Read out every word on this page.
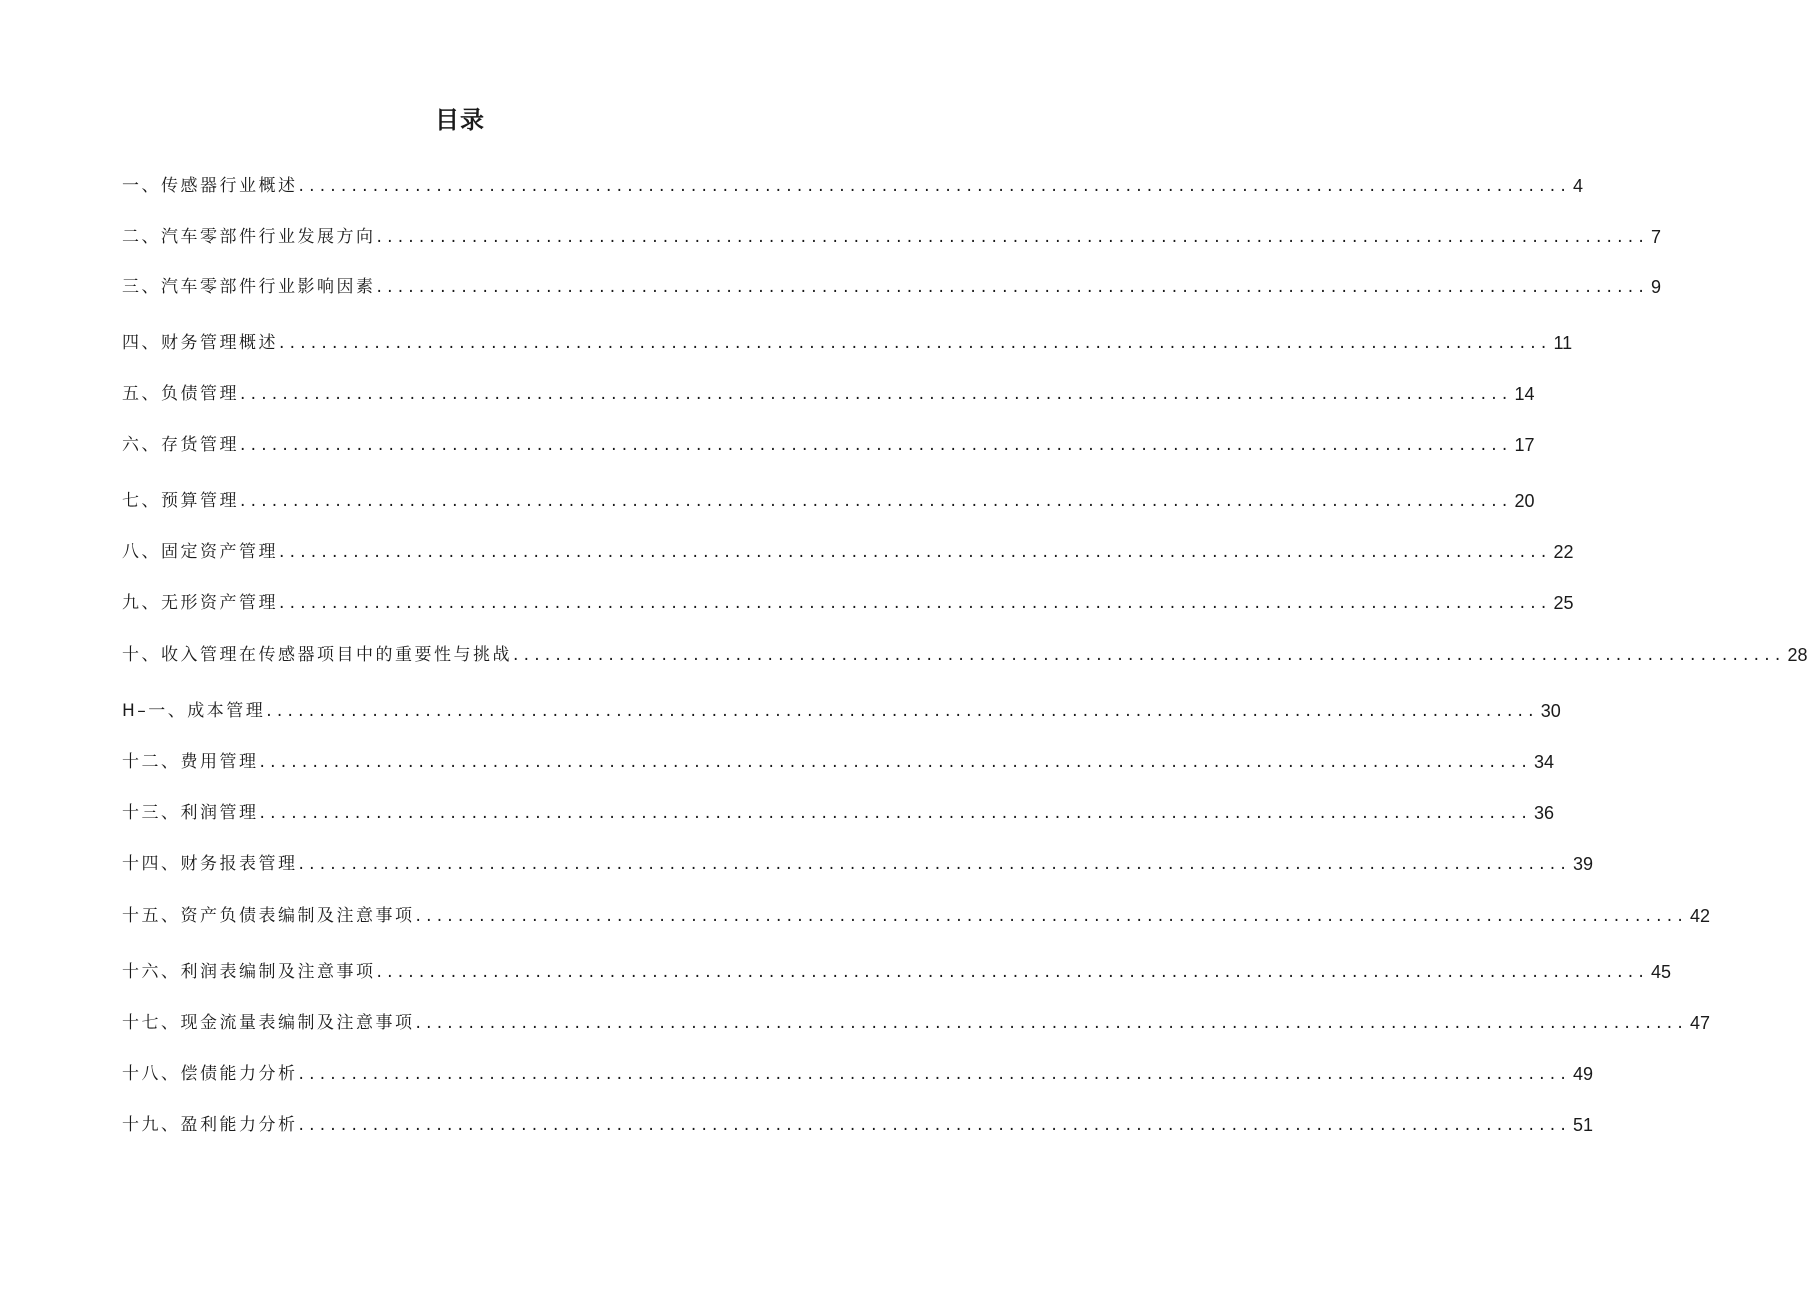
目录
一、传感器行业概述 ........................................................................................................................ 4
二、汽车零部件行业发展方向 ........................................................................................................................ 7
三、汽车零部件行业影响因素 ........................................................................................................................ 9
四、财务管理概述 ........................................................................................................................ 11
五、负债管理 ........................................................................................................................ 14
六、存货管理 ........................................................................................................................ 17
七、预算管理 ........................................................................................................................ 20
八、固定资产管理 ........................................................................................................................ 22
九、无形资产管理 ........................................................................................................................ 25
十、收入管理在传感器项目中的重要性与挑战 ........................................................................................................................ 28
H–一、成本管理 ........................................................................................................................ 30
十二、费用管理 ........................................................................................................................ 34
十三、利润管理 ........................................................................................................................ 36
十四、财务报表管理 ........................................................................................................................ 39
十五、资产负债表编制及注意事项 ........................................................................................................................ 42
十六、利润表编制及注意事项 ........................................................................................................................ 45
十七、现金流量表编制及注意事项 ........................................................................................................................ 47
十八、偿债能力分析 ........................................................................................................................ 49
十九、盈利能力分析 ........................................................................................................................ 51
